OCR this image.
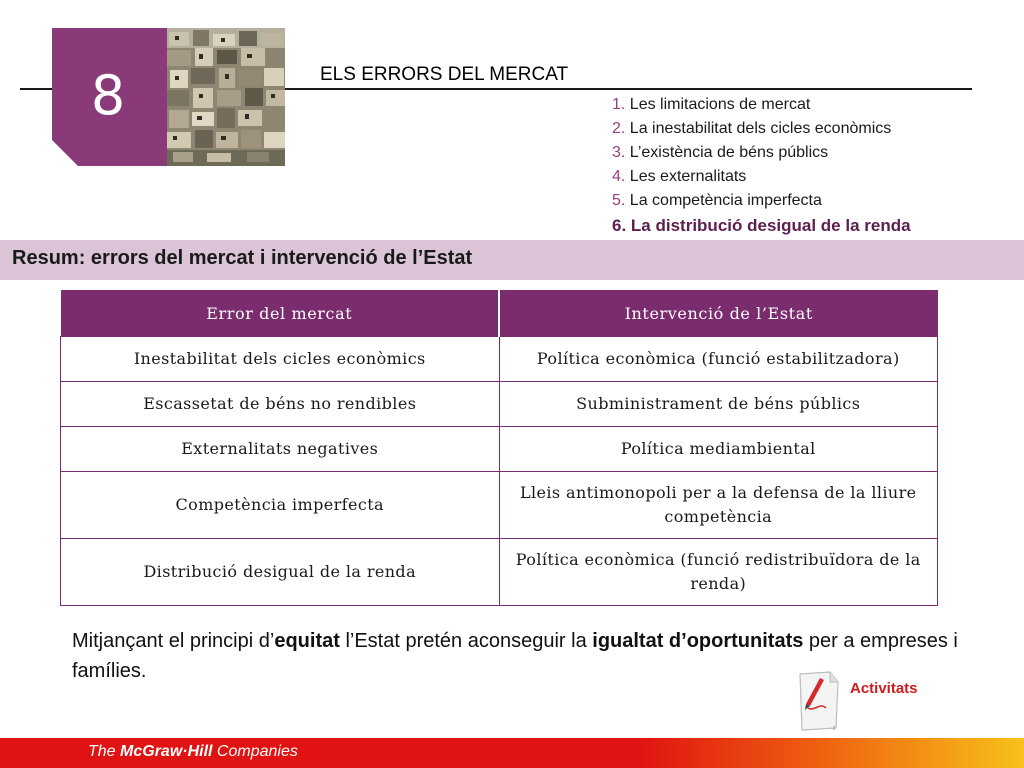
8	ELS ERRORS DEL MERCAT
1. Les limitacions de mercat
2. La inestabilitat dels cicles econòmics
3. L’existència de béns públics
4. Les externalitats
5. La competència imperfecta
6. La distribució desigual de la renda
Resum: errors del mercat i intervenció de l’Estat
Error del mercat	Intervenció de l’Estat
Inestabilitat dels cicles econòmics	Política econòmica (funció estabilitzadora)
Escassetat de béns no rendibles	Subministrament de béns públics
Externalitats negatives	Política mediambiental
Competència imperfecta	Lleis antimonopoli per a la defensa de la lliure competència
Distribució desigual de la renda	Política econòmica (funció redistribuïdora de la renda)
Mitjançant el principi d’equitat l’Estat pretén aconseguir la igualtat d’oportunitats per a empreses i famílies.
Activitats
The McGraw·Hill Companies
